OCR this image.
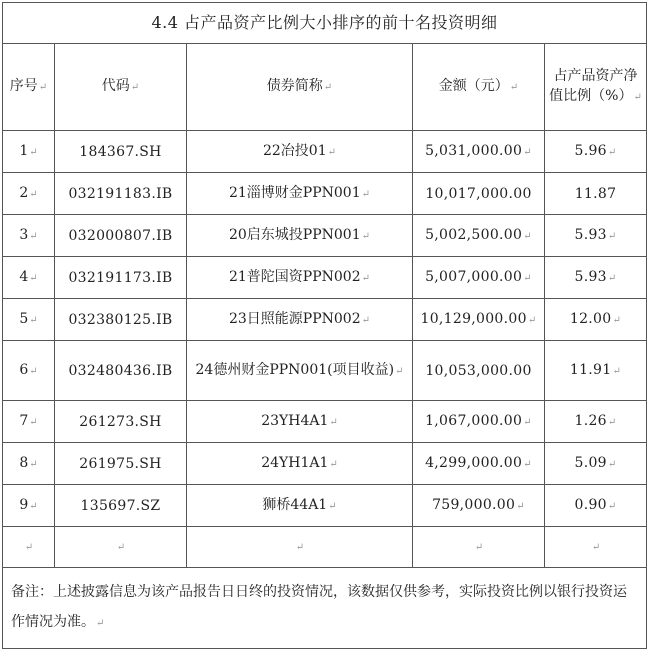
4.4 占产品资产比例大小排序的前十名投资明细				
序号↵	代码↵	债券简称↵	金额（元）↵	占产品资产净值比例（%）↵
1↵	184367.SH	22冶投01↵	5,031,000.00↵	5.96↵
2↵	032191183.IB	21淄博财金PPN001↵	10,017,000.00	11.87
3↵	032000807.IB	20启东城投PPN001↵	5,002,500.00↵	5.93↵
4↵	032191173.IB	21普陀国资PPN002↵	5,007,000.00↵	5.93↵
5↵	032380125.IB	23日照能源PPN002↵	10,129,000.00↵	12.00↵
6↵	032480436.IB	24德州财金PPN001(项目收益)↵	10,053,000.00	11.91↵
7↵	261273.SH	23YH4A1↵	1,067,000.00↵	1.26↵
8↵	261975.SH	24YH1A1↵	4,299,000.00↵	5.09↵
9↵	135697.SZ	狮桥44A1↵	759,000.00↵	0.90↵
↵	↵	↵	↵	↵
备注：上述披露信息为该产品报告日日终的投资情况，该数据仅供参考，实际投资比例以银行投资运作情况为准。↵				
